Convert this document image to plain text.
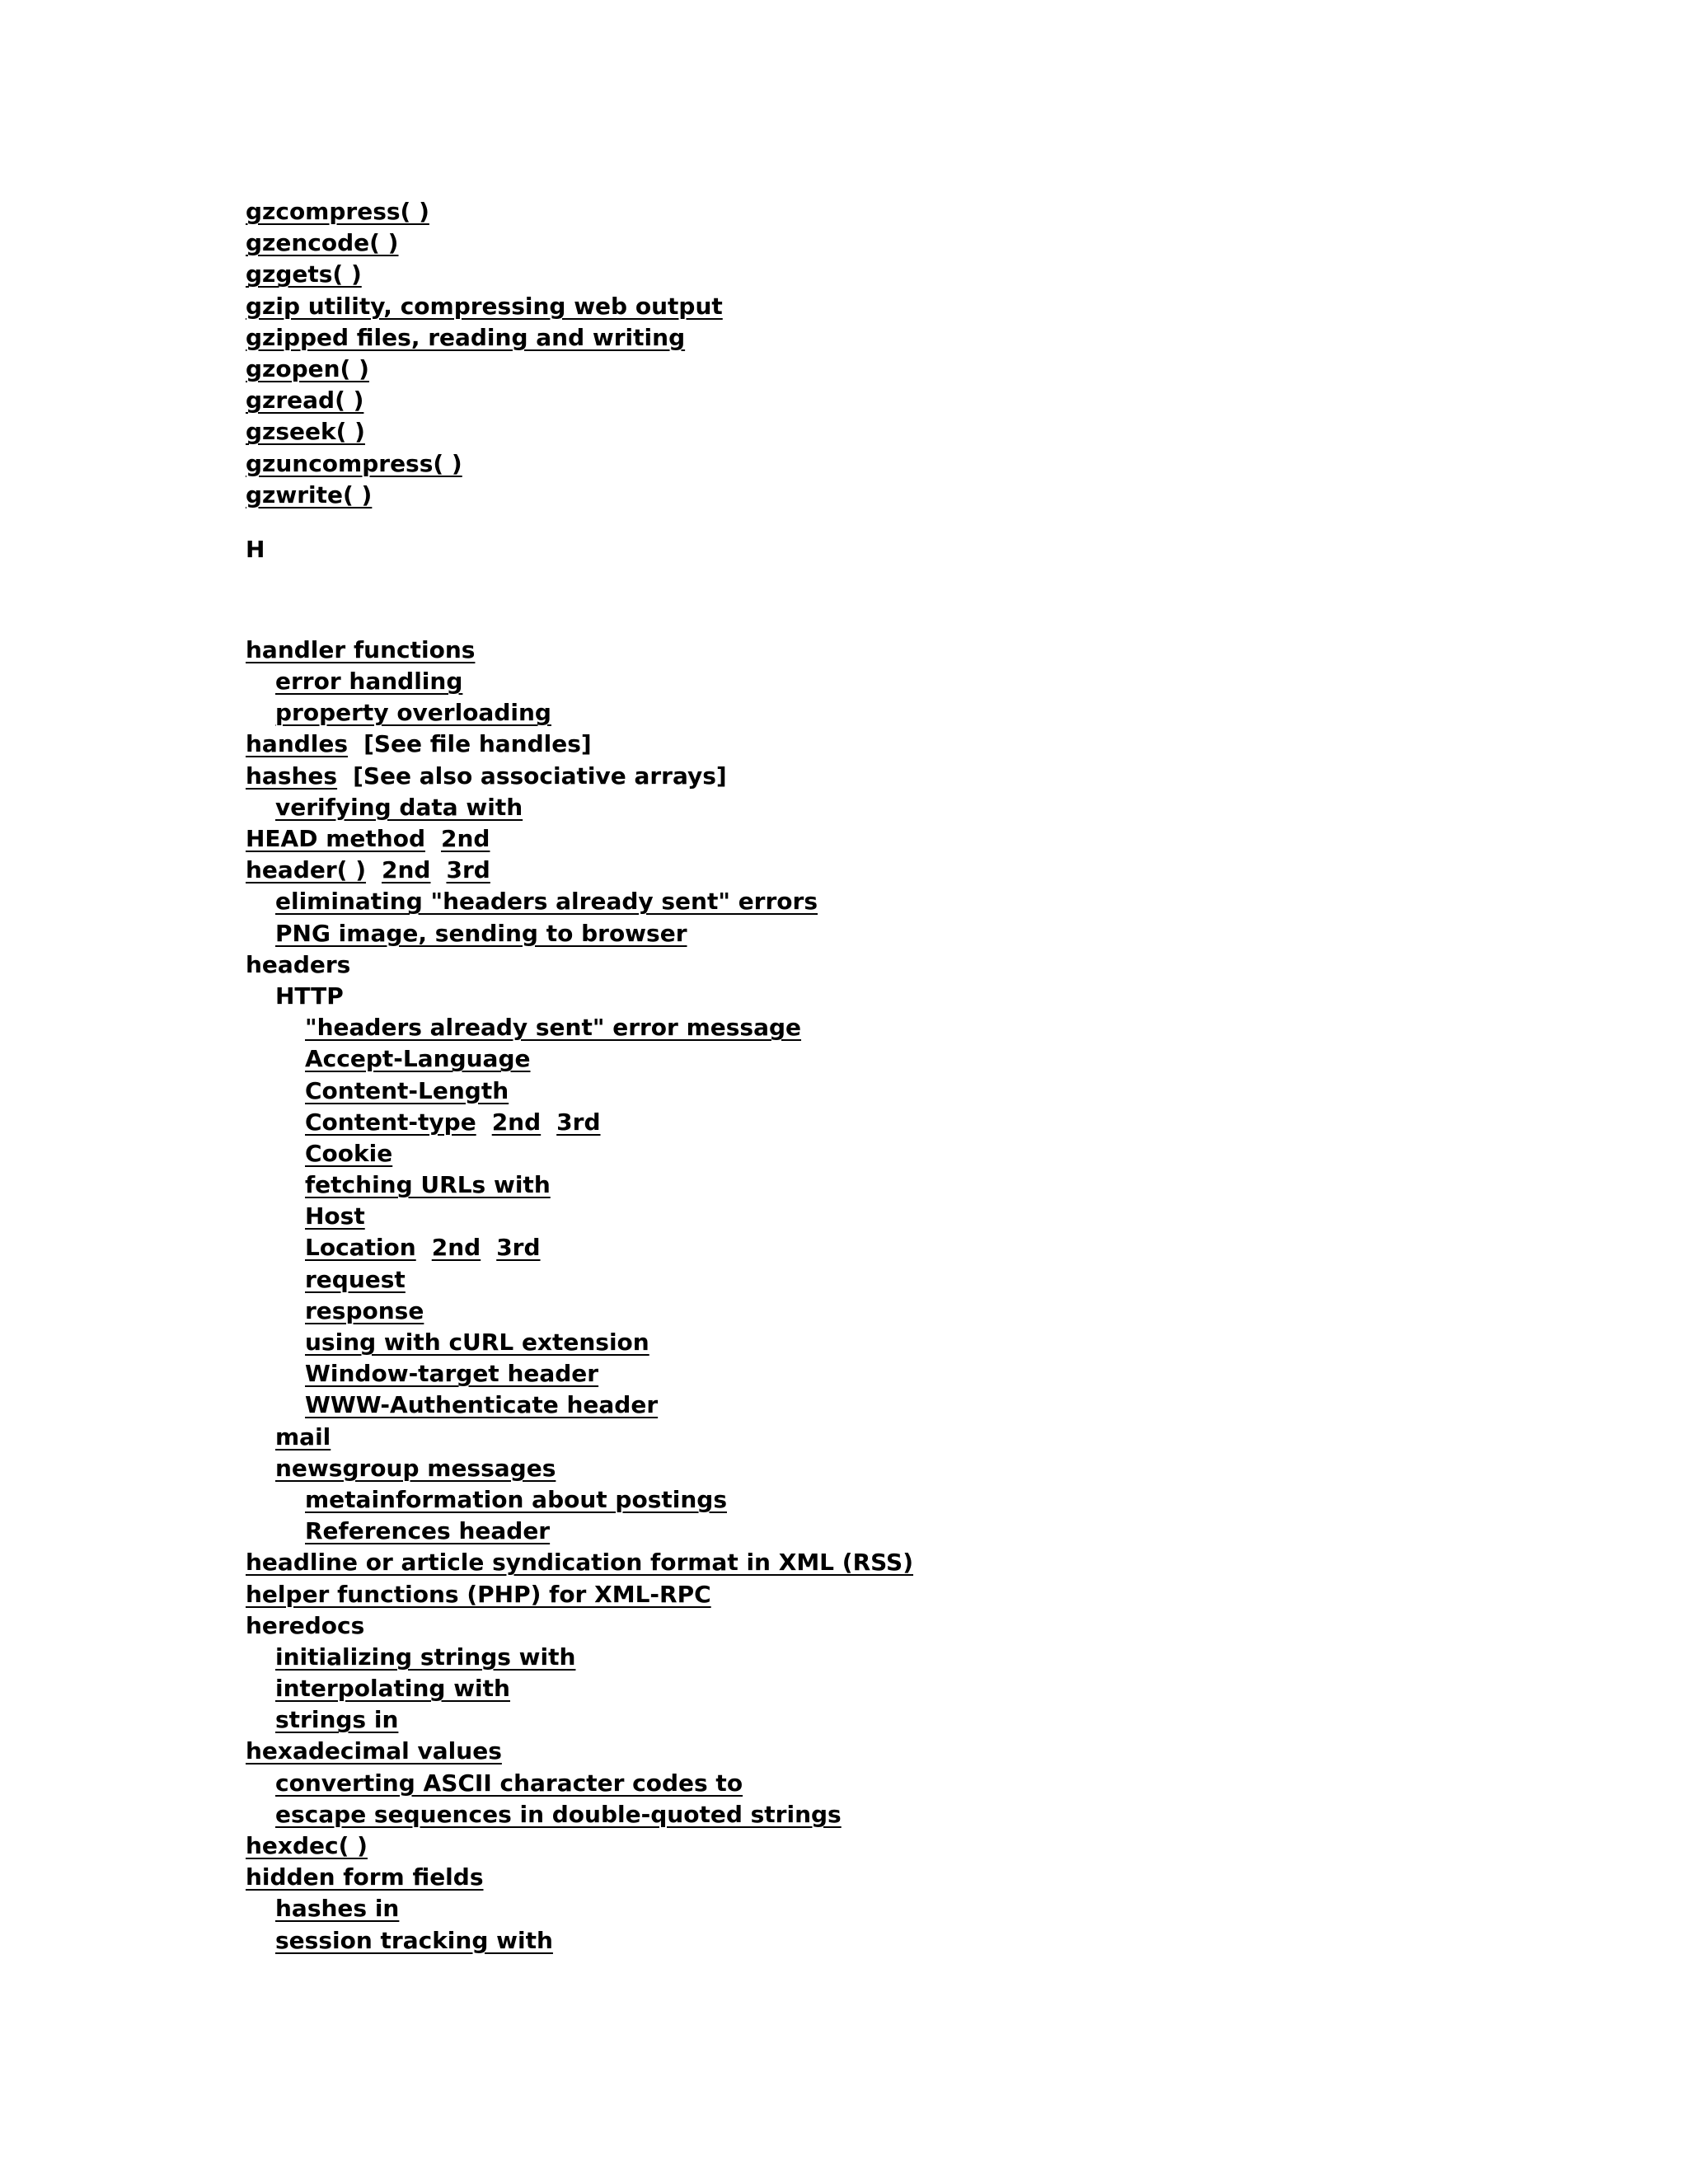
gzcompress( )
gzencode( )
gzgets( )
gzip utility, compressing web output
gzipped files, reading and writing
gzopen( )
gzread( )
gzseek( )
gzuncompress( )
gzwrite( )
H
handler functions
error handling
property overloading
handles [See file handles]
hashes [See also associative arrays]
verifying data with
HEAD method 2nd
header( ) 2nd 3rd
eliminating "headers already sent" errors
PNG image, sending to browser
headers
HTTP
"headers already sent" error message
Accept-Language
Content-Length
Content-type 2nd 3rd
Cookie
fetching URLs with
Host
Location 2nd 3rd
request
response
using with cURL extension
Window-target header
WWW-Authenticate header
mail
newsgroup messages
metainformation about postings
References header
headline or article syndication format in XML (RSS)
helper functions (PHP) for XML-RPC
heredocs
initializing strings with
interpolating with
strings in
hexadecimal values
converting ASCII character codes to
escape sequences in double-quoted strings
hexdec( )
hidden form fields
hashes in
session tracking with
